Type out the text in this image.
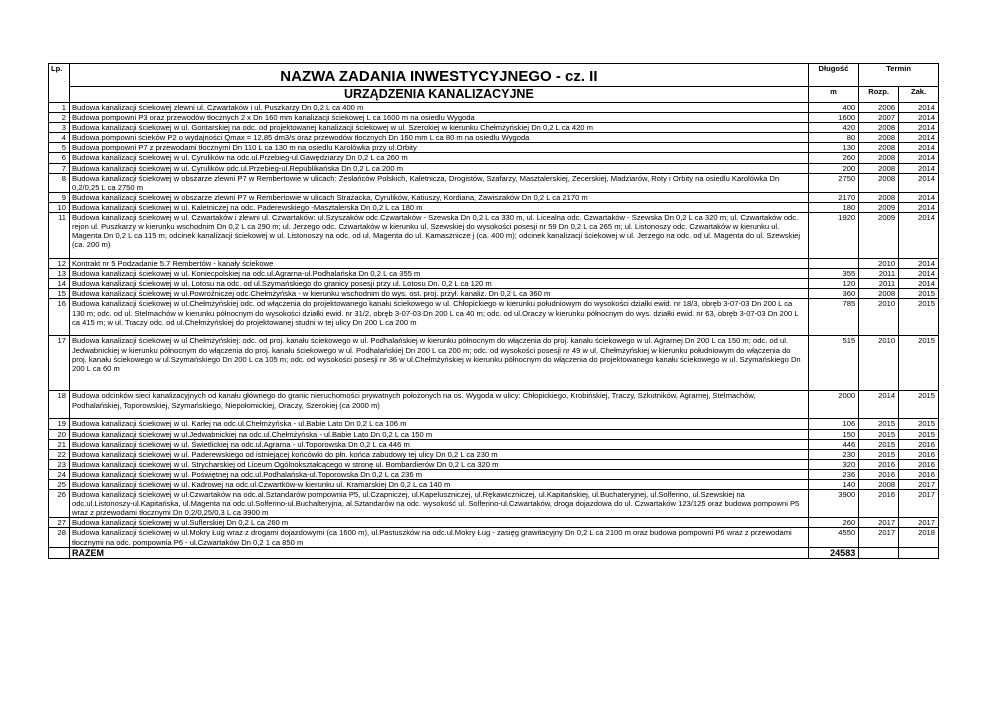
Lp.	NAZWA ZADANIA INWESTYCYJNEGO - cz. II	Długość	Termin	
	URZĄDZENIA KANALIZACYJNE	m	Rozp.	Zak.
1	Budowa kanalizacji ściekowej zlewni ul. Czwartaków i ul. Puszkarzy Dn 0,2 L ca 400 m	400	2006	2014
2	Budowa pompowni P3 oraz przewodów tłocznych 2 x Dn 160 mm kanalizacji ściekowej L ca 1600 m na osiedlu Wygoda	1600	2007	2014
3	Budowa kanalizacji ściekowej w ul. Gontarskiej na odc. od projektowanej kanalizacji ściekowej w ul. Szerokiej w kierunku Chełmżyńskiej Dn 0,2 L ca 420 m	420	2008	2014
4	Budowa pompowni ścieków P2 o wydajności Qmax = 12,85 dm3/s oraz przewodów tłocznych Dn 160 mm L ca 80 m na osiedlu Wygoda	80	2008	2014
5	Budowa pompowni P7 z przewodami tłocznymi Dn 110 L ca 130 m na osiedlu Karolówka przy ul.Orbity	130	2008	2014
6	Budowa kanalizacji ściekowej w ul. Cyrulików na odc.ul.Przebieg-ul.Gawędziarzy Dn 0,2 L ca 260 m	260	2008	2014
7	Budowa kanalizacji ściekowej w ul. Cyrulików odc.ul.Przebieg-ul.Republikańska Dn 0,2 L ca 200 m	200	2008	2014
8	Budowa kanalizacji ściekowej w obszarze zlewni P7 w Rembertowie w ulicach: Zesłańców Polskich, Kaletnicza, Drogistów, Szafarzy, Masztalerskiej, Zecerskiej, Madziarów, Roty i Orbity na osiedlu Karolówka Dn 0,2/0,25 L ca 2750 m	2750	2008	2014
9	Budowa kanalizacji ściekowej w obszarze zlewni P7 w Rembertowie w ulicach Strażacka, Cyrulików, Katiuszy, Kordiana, Zawiszaków Dn 0,2 L ca 2170 m	2170	2008	2014
10	Budowa kanalizacji ściekowej w ul. Kaletniczej na odc. Paderewskiego -Masztalerska Dn 0,2 L ca 180 m	180	2009	2014
11	Budowa kanalizacji ściekowej w ul. Czwartaków i zlewni ul. Czwartaków: ul.Szyszaków odc.Czwartaków - Szewska Dn 0,2 L ca 330 m, ul. Licealna odc. Czwartaków - Szewska Dn 0,2 L ca 320 m; ul. Czwartaków odc. rejon ul. Puszkarzy w kierunku wschodnim Dn 0,2 L ca 290 m; ul. Jerzego odc. Czwartaków w kierunku ul. Szewskiej do wysokości posesji nr 59 Dn 0,2 L ca 265 m; ul. Listonoszy odc. Czwartaków w kierunku ul. Magenta Dn 0,2 L ca 115 m; odcinek kanalizacji ściekowej w ul. Listonoszy na odc. od ul. Magenta do ul. Kamasznicze j (ca. 400 m); odcinek kanalizacji ściekowej w ul. Jerzego na odc. od ul. Magenta do ul. Szewskiej (ca. 200 m)	1920	2009	2014
12	Kontrakt nr 5 Podzadanie 5.7 Rembertów - kanały ściekowe		2010	2014
13	Budowa kanalizacji ściekowej w ul. Koniecpolskiej na odc.ul.Agrarna-ul.Podhalańska Dn 0,2 L ca 355 m	355	2011	2014
14	Budowa kanalizacji ściekowej w ul. Lotosu na odc. od ul.Szymańskiego do granicy posesji przy ul. Lotosu Dn. 0,2 L ca 120 m	120	2011	2014
15	Budowa kanalizacji ściekowej w ul.Powroźniczej odc.Chełmżyńska - w kierunku wschodnim do wys. ost. proj. przył. kanaliz. Dn 0,2 L ca 360 m	360	2008	2015
16	Budowa kanalizacji ściekowej w ul.Chełmżyńskiej odc. od włączenia do projektowanego kanału ściekowego w ul. Chłopickiego w kierunku południowym do wysokości działki ewid. nr 18/3, obręb 3-07-03 Dn 200 L ca 130 m; odc. od ul. Stelmachów w kierunku północnym do wysokości działki ewid. nr 31/2, obręb 3-07-03 Dn 200 L ca 40 m; odc. od ul.Oraczy w kierunku północnym do wys. działki ewid. nr 63, obręb 3-07-03 Dn 200 L ca 415 m; w ul. Traczy odc. od ul.Chełmżyńskiej do projektowanej studni w tej ulicy Dn 200 L ca 200 m	785	2010	2015
17	Budowa kanalizacji ściekowej w ul Chełmżyńskiej: odc. od proj. kanału ściekowego w ul. Podhalańskiej w kierunku północnym do włączenia do proj. kanału ściekowego w ul. Agrarnej Dn 200 L ca 150 m; odc. od ul. Jedwabnickiej w kierunku północnym do włączenia do proj. kanału ściekowego w ul. Podhalańskiej Dn 200 L ca 200 m; odc. od wysokości posesji nr 49 w ul. Chełmżyńskiej w kierunku południowym do włączenia do proj. kanału ściekowego w ul.Szymańskiego Dn 200 L ca 105 m; odc. od wysokości posesji nr 36 w ul.Chełmżyńskiej w kierunku północnym do włączenia do projektowanego kanału ściekowego w ul. Szymańskiego Dn 200 L ca 60 m	515	2010	2015
18	Budowa odcinków sieci kanalizacyjnych od kanału głównego do granic nieruchomości prywatnych położonych na os. Wygoda w ulicy: Chłopickiego, Krobińskiej, Traczy, Szkutników, Agrarnej, Stelmachów, Podhalańskiej, Toporowskiej, Szymańskiego, Niepołomickiej, Oraczy, Szerokiej (ca 2000 m)	2000	2014	2015
19	Budowa kanalizacji ściekowej w ul. Karłej na odc.ul.Chełmżyńska - ul.Babie Lato Dn 0,2 L ca 106 m	106	2015	2015
20	Budowa kanalizacji ściekowej w ul.Jedwabnickiej na odc.ul.Chełmżyńska - ul.Babie Lato Dn 0,2 L ca 150 m	150	2015	2015
21	Budowa kanalizacji ściekowej w ul. Świetlickiej na odc.ul.Agrarna - ul.Toporowska Dn 0,2 L ca 446 m	446	2015	2016
22	Budowa kanalizacji ściekowej w ul. Paderewskiego od istniejącej końcówki do płn. końca zabudowy tej ulicy Dn 0,2 L ca 230 m	230	2015	2016
23	Budowa kanalizacji ściekowej w ul. Strycharskiej od Liceum Ogólnokształcącego w stronę ul. Bombardierów Dn 0,2 L ca 320 m	320	2016	2016
24	Budowa kanalizacji ściekowej w ul. Poświętnej na odc.ul.Podhalańska-ul.Toporowska Dn 0,2 L ca 236 m	236	2016	2016
25	Budowa kanalizacji ściekowej w ul. Kadrowej na odc.ul.Czwartków-w kierunku ul. Kramarskiej Dn 0,2 L ca 140 m	140	2008	2017
26	Budowa kanalizacji ściekowej w ul.Czwartaków na odc.al.Sztandarów pompownia P5, ul.Czapniczej, ul.Kapeluszniczej, ul.Rękawiczniczej, ul.Kapitańskiej, ul.Buchateryjnej, ul.Solferino, ul.Szewskiej na odc.ul.Listonoszy-ul.Kapitańska, ul.Magenta na odc.ul.Solferino-ul.Buchalteryjna, al.Sztandarów na odc. wysokość ul. Solferino-ul.Czwartaków, droga dojazdowa do ul. Czwartaków 123/125 oraz budowa pompowni P5 wraz z przewodami tłocznymi Dn 0,2/0,25/0,3 L ca 3900 m	3900	2016	2017
27	Budowa kanalizacji ściekowej w ul.Suflerskiej Dn 0,2 L ca 260 m	260	2017	2017
28	Budowa kanalizacji ściekowej w ul.Mokry Ług wraz z drogami dojazdowymi (ca 1600 m), ul.Pastuszków na odc.ul.Mokry Ług - zasięg grawitacyjny Dn 0,2 L ca 2100 m oraz budowa pompowni P6 wraz z przewodami tłocznymi na odc. pompownia P6 - ul.Czwartaków Dn 0,2 1 ca 850 m	4550	2017	2018
	RAZEM	24583		
